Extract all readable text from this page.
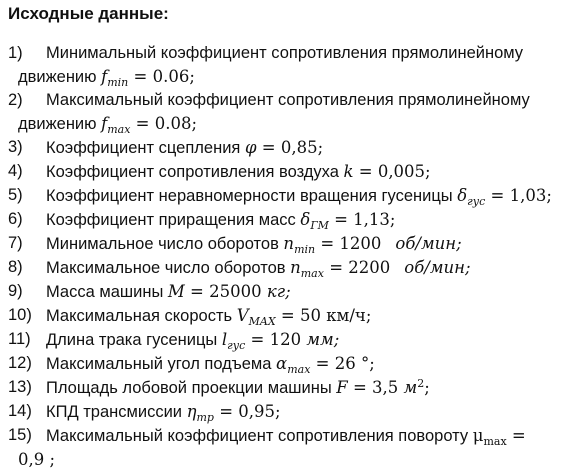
Исходные данные:
1)	Минимальный коэффициент сопротивления прямолинейному
движению $f_{min} = 0.06$;
2)	Максимальный коэффициент сопротивления прямолинейному
движению $f_{max} = 0.08$;
3)	Коэффициент сцепления φ = 0,85;
4)	Коэффициент сопротивления воздуха k = 0,005;
5)	Коэффициент неравномерности вращения гусеницы $\delta_{гус} = 1,03$;
6)	Коэффициент приращения масс $\delta_{ГМ} = 1,13$;
7)	Минимальное число оборотов $n_{min} = 1200$ об/мин;
8)	Максимальное число оборотов $n_{max} = 2200$ об/мин;
9)	Масса машины M = 25000 кг;
10) Максимальная скорость $V_{MAX} = 50$ км/ч;
11) Длина трака гусеницы $l_{гус} = 120$ мм;
12) Максимальный угол подъема $\alpha_{max} = 26$ °;
13) Площадь лобовой проекции машины F = 3,5 $м^2$;
14) КПД трансмиссии $\eta_{тр} = 0,95$;
15) Максимальный коэффициент сопротивления повороту $\mu_{max}$ =
0,9 ;
